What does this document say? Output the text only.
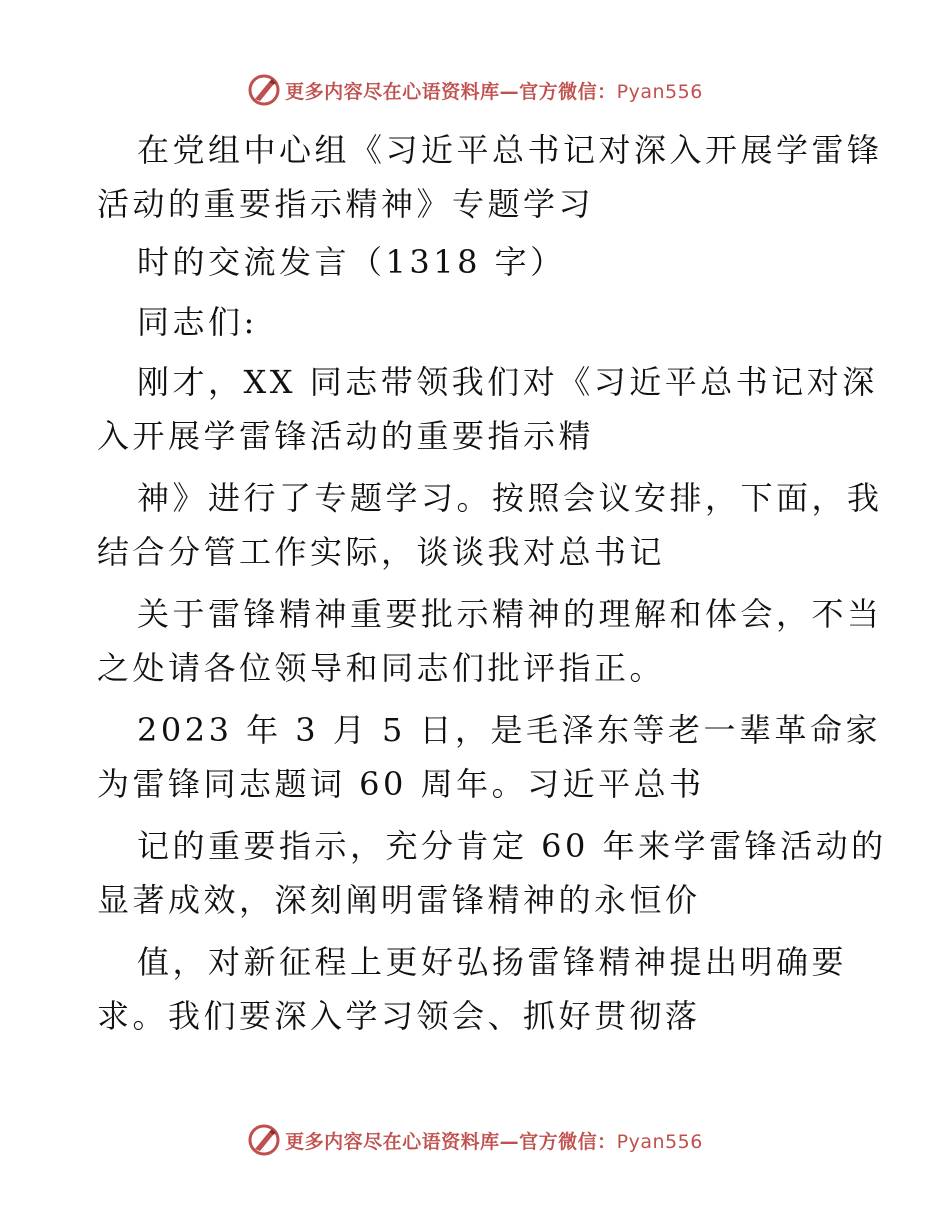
更多内容尽在心语资料库—官方微信：Pyan556
在党组中心组《习近平总书记对深入开展学雷锋
活动的重要指示精神》专题学习
时的交流发言（1318 字）
同志们:
刚才，XX 同志带领我们对《习近平总书记对深
入开展学雷锋活动的重要指示精
神》进行了专题学习。按照会议安排，下面，我
结合分管工作实际，谈谈我对总书记
关于雷锋精神重要批示精神的理解和体会，不当
之处请各位领导和同志们批评指正。
2023 年 3 月 5 日，是毛泽东等老一辈革命家
为雷锋同志题词 60 周年。习近平总书
记的重要指示，充分肯定 60 年来学雷锋活动的
显著成效，深刻阐明雷锋精神的永恒价
值，对新征程上更好弘扬雷锋精神提出明确要
求。我们要深入学习领会、抓好贯彻落
更多内容尽在心语资料库—官方微信：Pyan556
